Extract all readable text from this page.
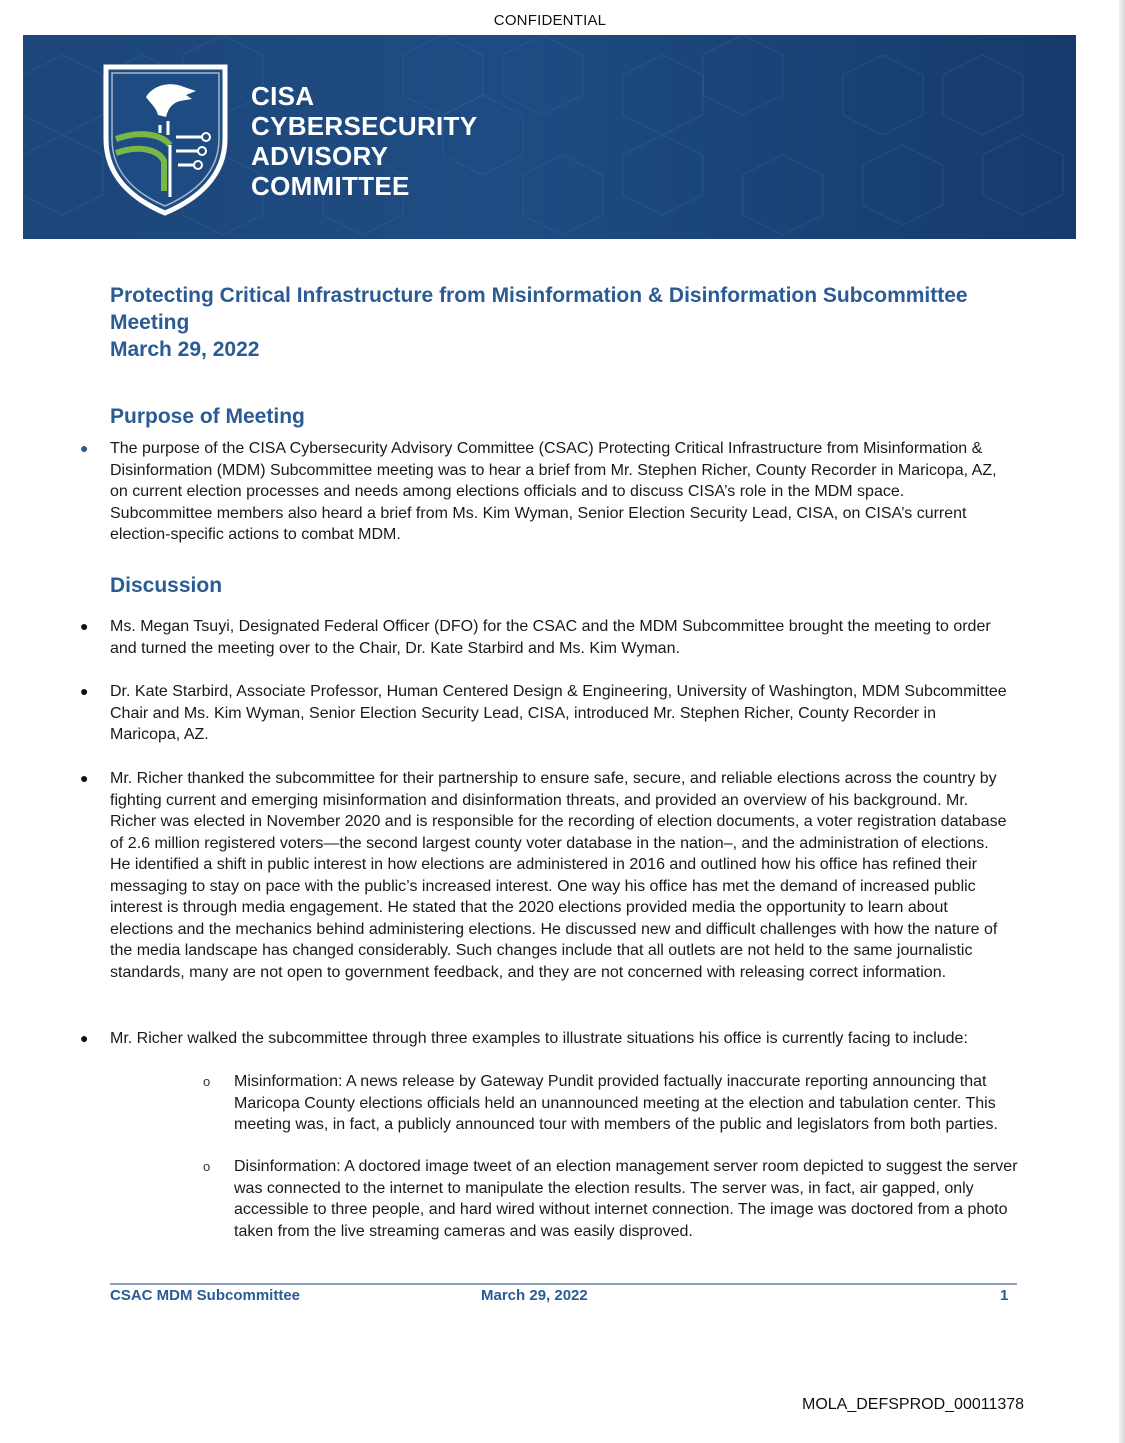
CONFIDENTIAL
CISA
CYBERSECURITY
ADVISORY
COMMITTEE
Protecting Critical Infrastructure from Misinformation & Disinformation Subcommittee
Meeting
March 29, 2022
Purpose of Meeting
● The purpose of the CISA Cybersecurity Advisory Committee (CSAC) Protecting Critical Infrastructure from Misinformation & Disinformation (MDM) Subcommittee meeting was to hear a brief from Mr. Stephen Richer, County Recorder in Maricopa, AZ, on current election processes and needs among elections officials and to discuss CISA’s role in the MDM space. Subcommittee members also heard a brief from Ms. Kim Wyman, Senior Election Security Lead, CISA, on CISA’s current election-specific actions to combat MDM.
Discussion
● Ms. Megan Tsuyi, Designated Federal Officer (DFO) for the CSAC and the MDM Subcommittee brought the meeting to order and turned the meeting over to the Chair, Dr. Kate Starbird and Ms. Kim Wyman.
● Dr. Kate Starbird, Associate Professor, Human Centered Design & Engineering, University of Washington, MDM Subcommittee Chair and Ms. Kim Wyman, Senior Election Security Lead, CISA, introduced Mr. Stephen Richer, County Recorder in Maricopa, AZ.
● Mr. Richer thanked the subcommittee for their partnership to ensure safe, secure, and reliable elections across the country by fighting current and emerging misinformation and disinformation threats, and provided an overview of his background. Mr. Richer was elected in November 2020 and is responsible for the recording of election documents, a voter registration database of 2.6 million registered voters—the second largest county voter database in the nation–, and the administration of elections. He identified a shift in public interest in how elections are administered in 2016 and outlined how his office has refined their messaging to stay on pace with the public’s increased interest. One way his office has met the demand of increased public interest is through media engagement. He stated that the 2020 elections provided media the opportunity to learn about elections and the mechanics behind administering elections. He discussed new and difficult challenges with how the nature of the media landscape has changed considerably. Such changes include that all outlets are not held to the same journalistic standards, many are not open to government feedback, and they are not concerned with releasing correct information.
● Mr. Richer walked the subcommittee through three examples to illustrate situations his office is currently facing to include:
o Misinformation: A news release by Gateway Pundit provided factually inaccurate reporting announcing that Maricopa County elections officials held an unannounced meeting at the election and tabulation center. This meeting was, in fact, a publicly announced tour with members of the public and legislators from both parties.
o Disinformation: A doctored image tweet of an election management server room depicted to suggest the server was connected to the internet to manipulate the election results. The server was, in fact, air gapped, only accessible to three people, and hard wired without internet connection. The image was doctored from a photo taken from the live streaming cameras and was easily disproved.
CSAC MDM Subcommittee	March 29, 2022	1
MOLA_DEFSPROD_00011378
